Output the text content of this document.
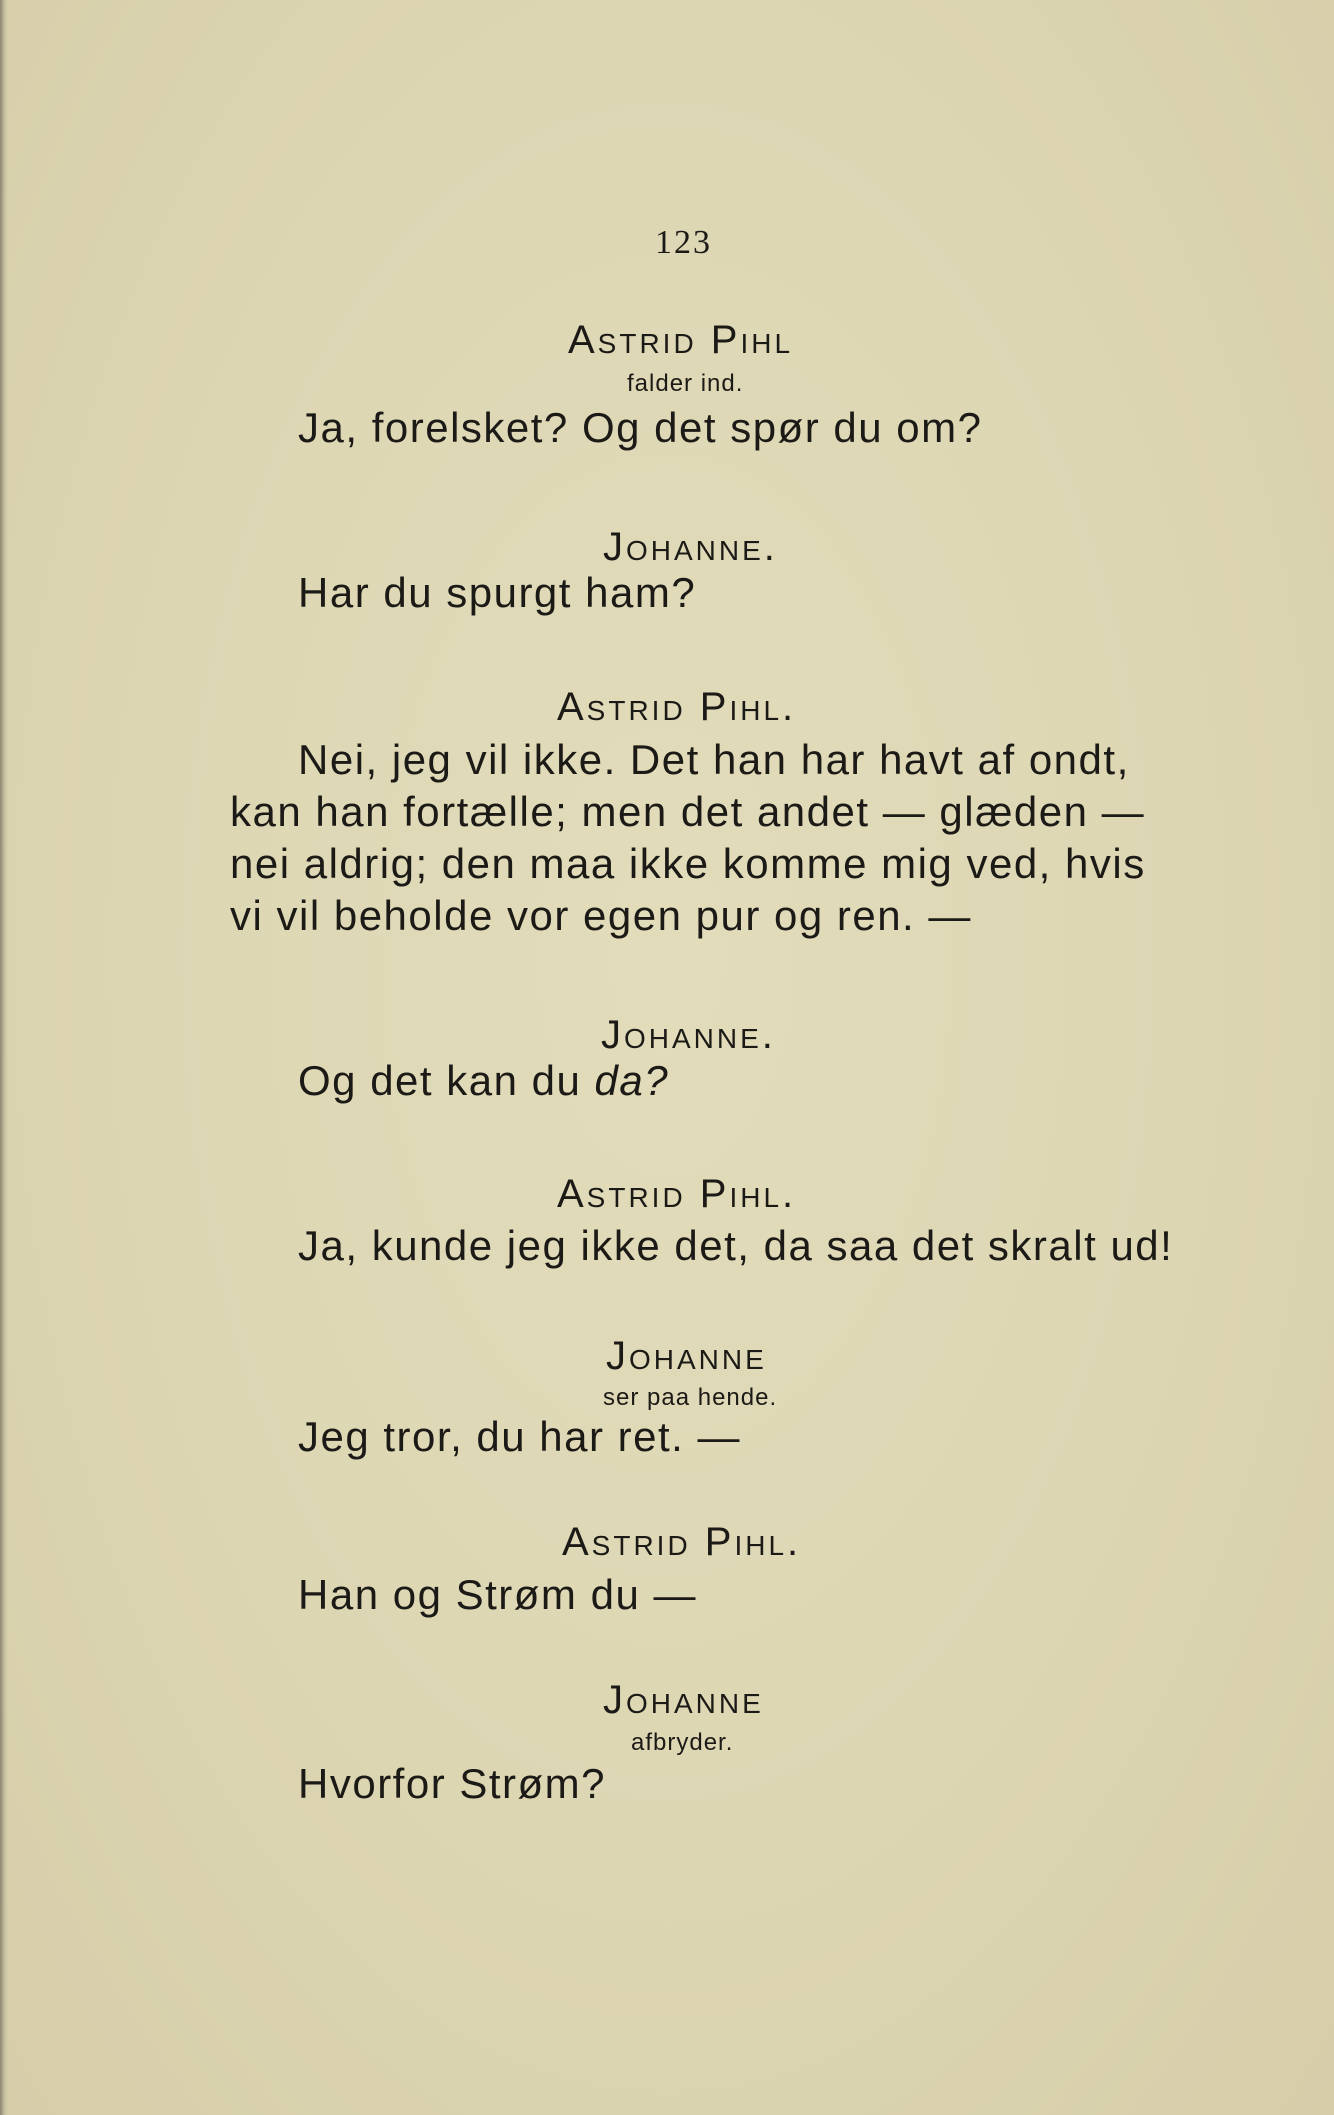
123
Astrid Pihl
falder ind.
Ja, forelsket? Og det spør du om?
Johanne.
Har du spurgt ham?
Astrid Pihl.
Nei, jeg vil ikke. Det han har havt af ondt,
kan han fortælle; men det andet — glæden —
nei aldrig; den maa ikke komme mig ved, hvis
vi vil beholde vor egen pur og ren. —
Johanne.
Og det kan du da?
Astrid Pihl.
Ja, kunde jeg ikke det, da saa det skralt ud!
Johanne
ser paa hende.
Jeg tror, du har ret. —
Astrid Pihl.
Han og Strøm du —
Johanne
afbryder.
Hvorfor Strøm?
